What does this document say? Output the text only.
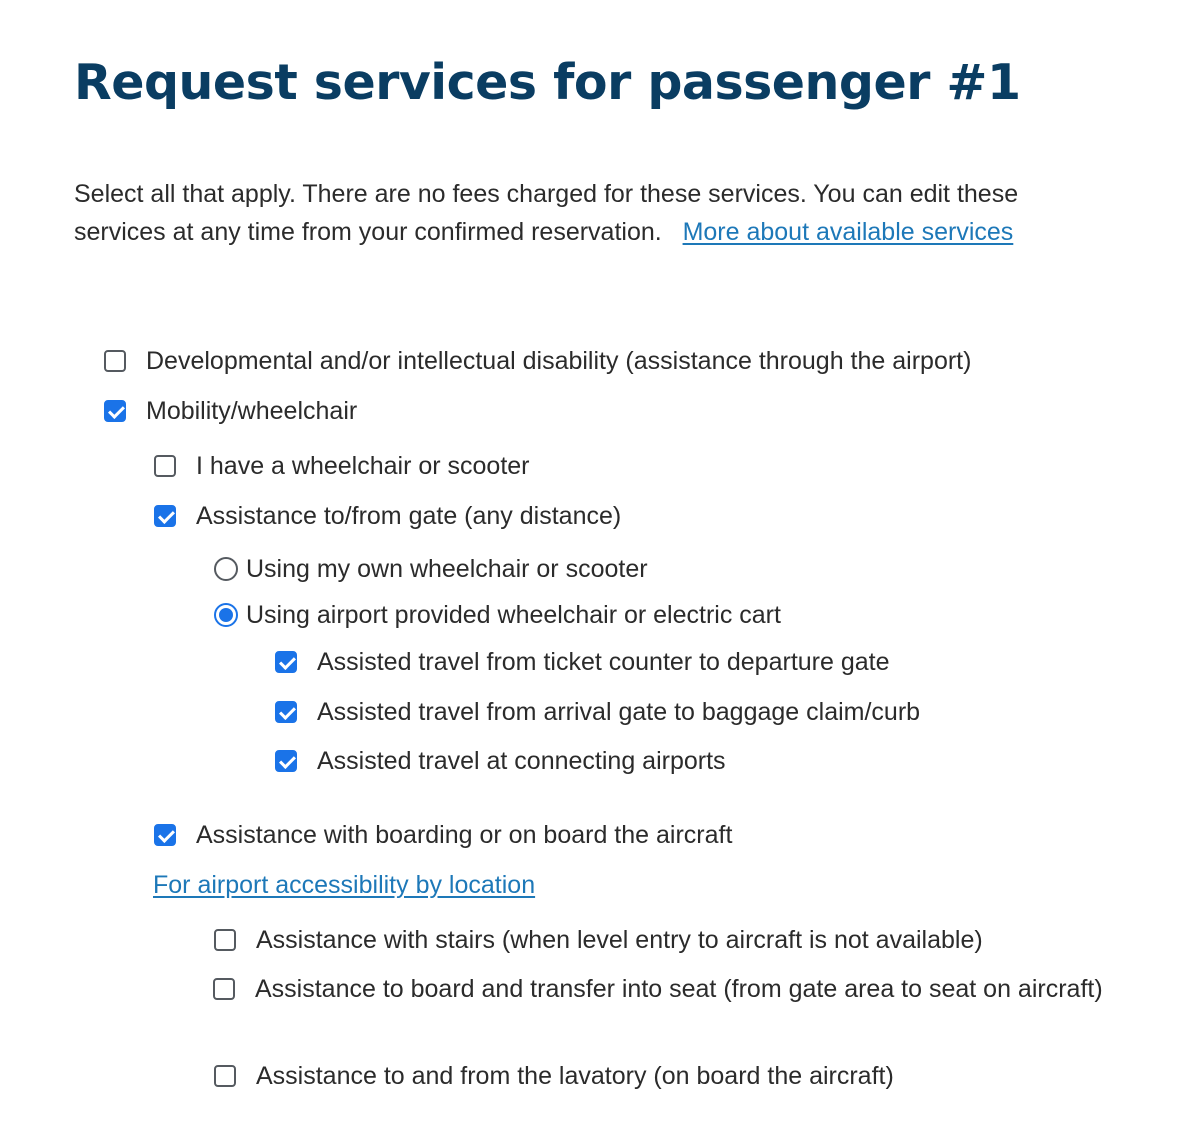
Request services for passenger #1

Select all that apply. There are no fees charged for these services. You can edit these services at any time from your confirmed reservation. More about available services

Developmental and/or intellectual disability (assistance through the airport)
Mobility/wheelchair
I have a wheelchair or scooter
Assistance to/from gate (any distance)
Using my own wheelchair or scooter
Using airport provided wheelchair or electric cart
Assisted travel from ticket counter to departure gate
Assisted travel from arrival gate to baggage claim/curb
Assisted travel at connecting airports
Assistance with boarding or on board the aircraft
For airport accessibility by location
Assistance with stairs (when level entry to aircraft is not available)
Assistance to board and transfer into seat (from gate area to seat on aircraft)
Assistance to and from the lavatory (on board the aircraft)
